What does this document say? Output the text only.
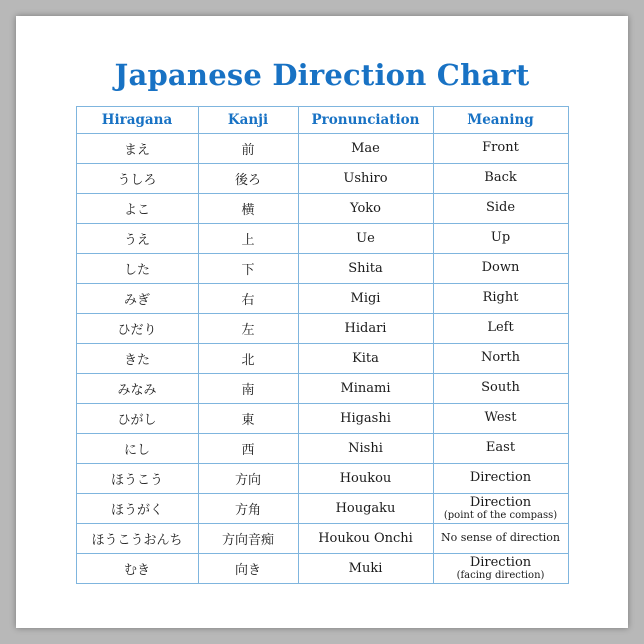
Japanese Direction Chart
Hiragana	Kanji	Pronunciation	Meaning
まえ	前	Mae	Front
うしろ	後ろ	Ushiro	Back
よこ	横	Yoko	Side
うえ	上	Ue	Up
した	下	Shita	Down
みぎ	右	Migi	Right
ひだり	左	Hidari	Left
きた	北	Kita	North
みなみ	南	Minami	South
ひがし	東	Higashi	West
にし	西	Nishi	East
ほうこう	方向	Houkou	Direction
ほうがく	方角	Hougaku	Direction
(point of the compass)

ほうこうおんち	方向音痴	Houkou Onchi	No sense of direction
むき	向き	Muki	Direction
(facing direction)
